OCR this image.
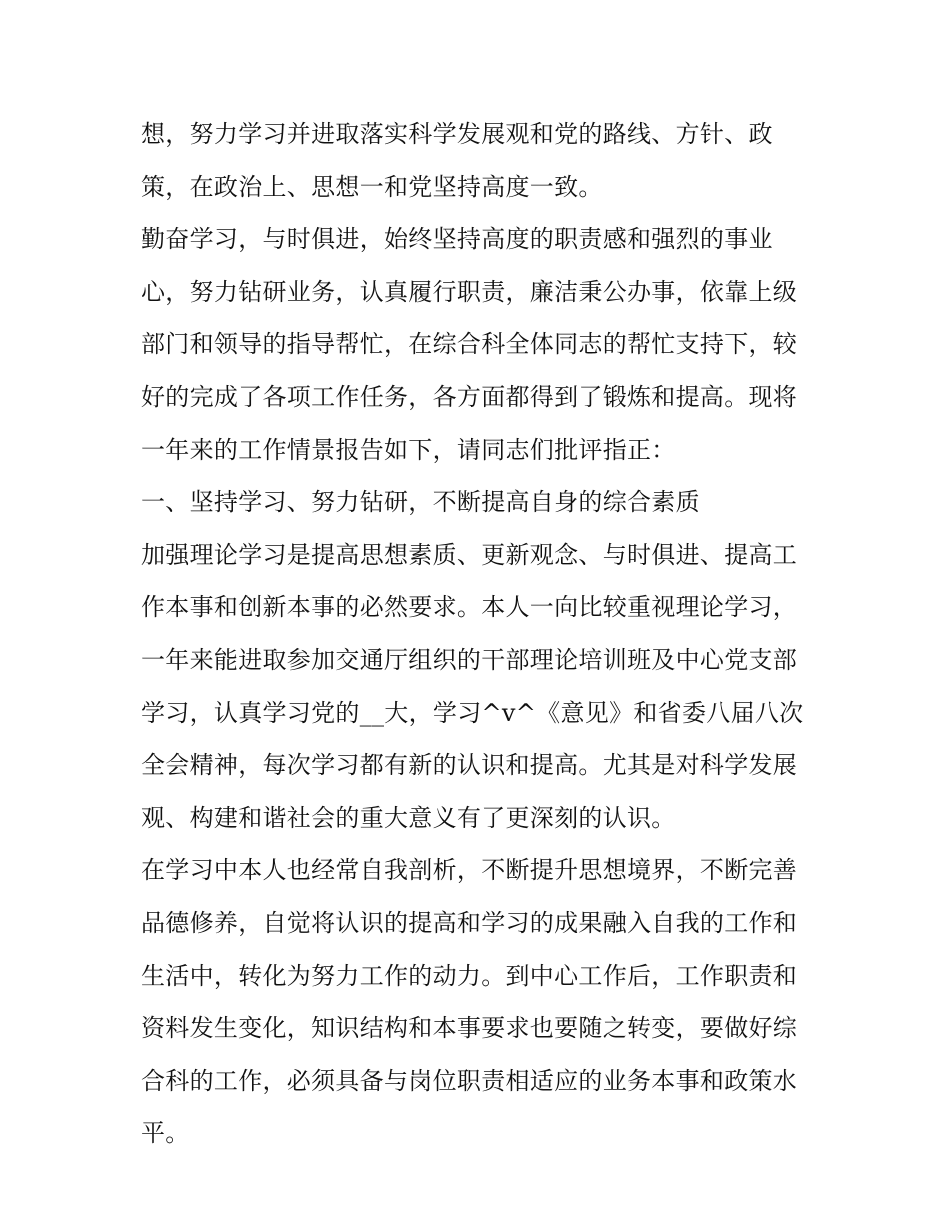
想，努力学习并进取落实科学发展观和党的路线、方针、政
策，在政治上、思想一和党坚持高度一致。
勤奋学习，与时俱进，始终坚持高度的职责感和强烈的事业
心，努力钻研业务，认真履行职责，廉洁秉公办事，依靠上级
部门和领导的指导帮忙，在综合科全体同志的帮忙支持下，较
好的完成了各项工作任务，各方面都得到了锻炼和提高。现将
一年来的工作情景报告如下，请同志们批评指正：
一、坚持学习、努力钻研，不断提高自身的综合素质
加强理论学习是提高思想素质、更新观念、与时俱进、提高工
作本事和创新本事的必然要求。本人一向比较重视理论学习，
一年来能进取参加交通厅组织的干部理论培训班及中心党支部
学习，认真学习党的__大，学习^v^《意见》和省委八届八次
全会精神，每次学习都有新的认识和提高。尤其是对科学发展
观、构建和谐社会的重大意义有了更深刻的认识。
在学习中本人也经常自我剖析，不断提升思想境界，不断完善
品德修养，自觉将认识的提高和学习的成果融入自我的工作和
生活中，转化为努力工作的动力。到中心工作后，工作职责和
资料发生变化，知识结构和本事要求也要随之转变，要做好综
合科的工作，必须具备与岗位职责相适应的业务本事和政策水
平。
